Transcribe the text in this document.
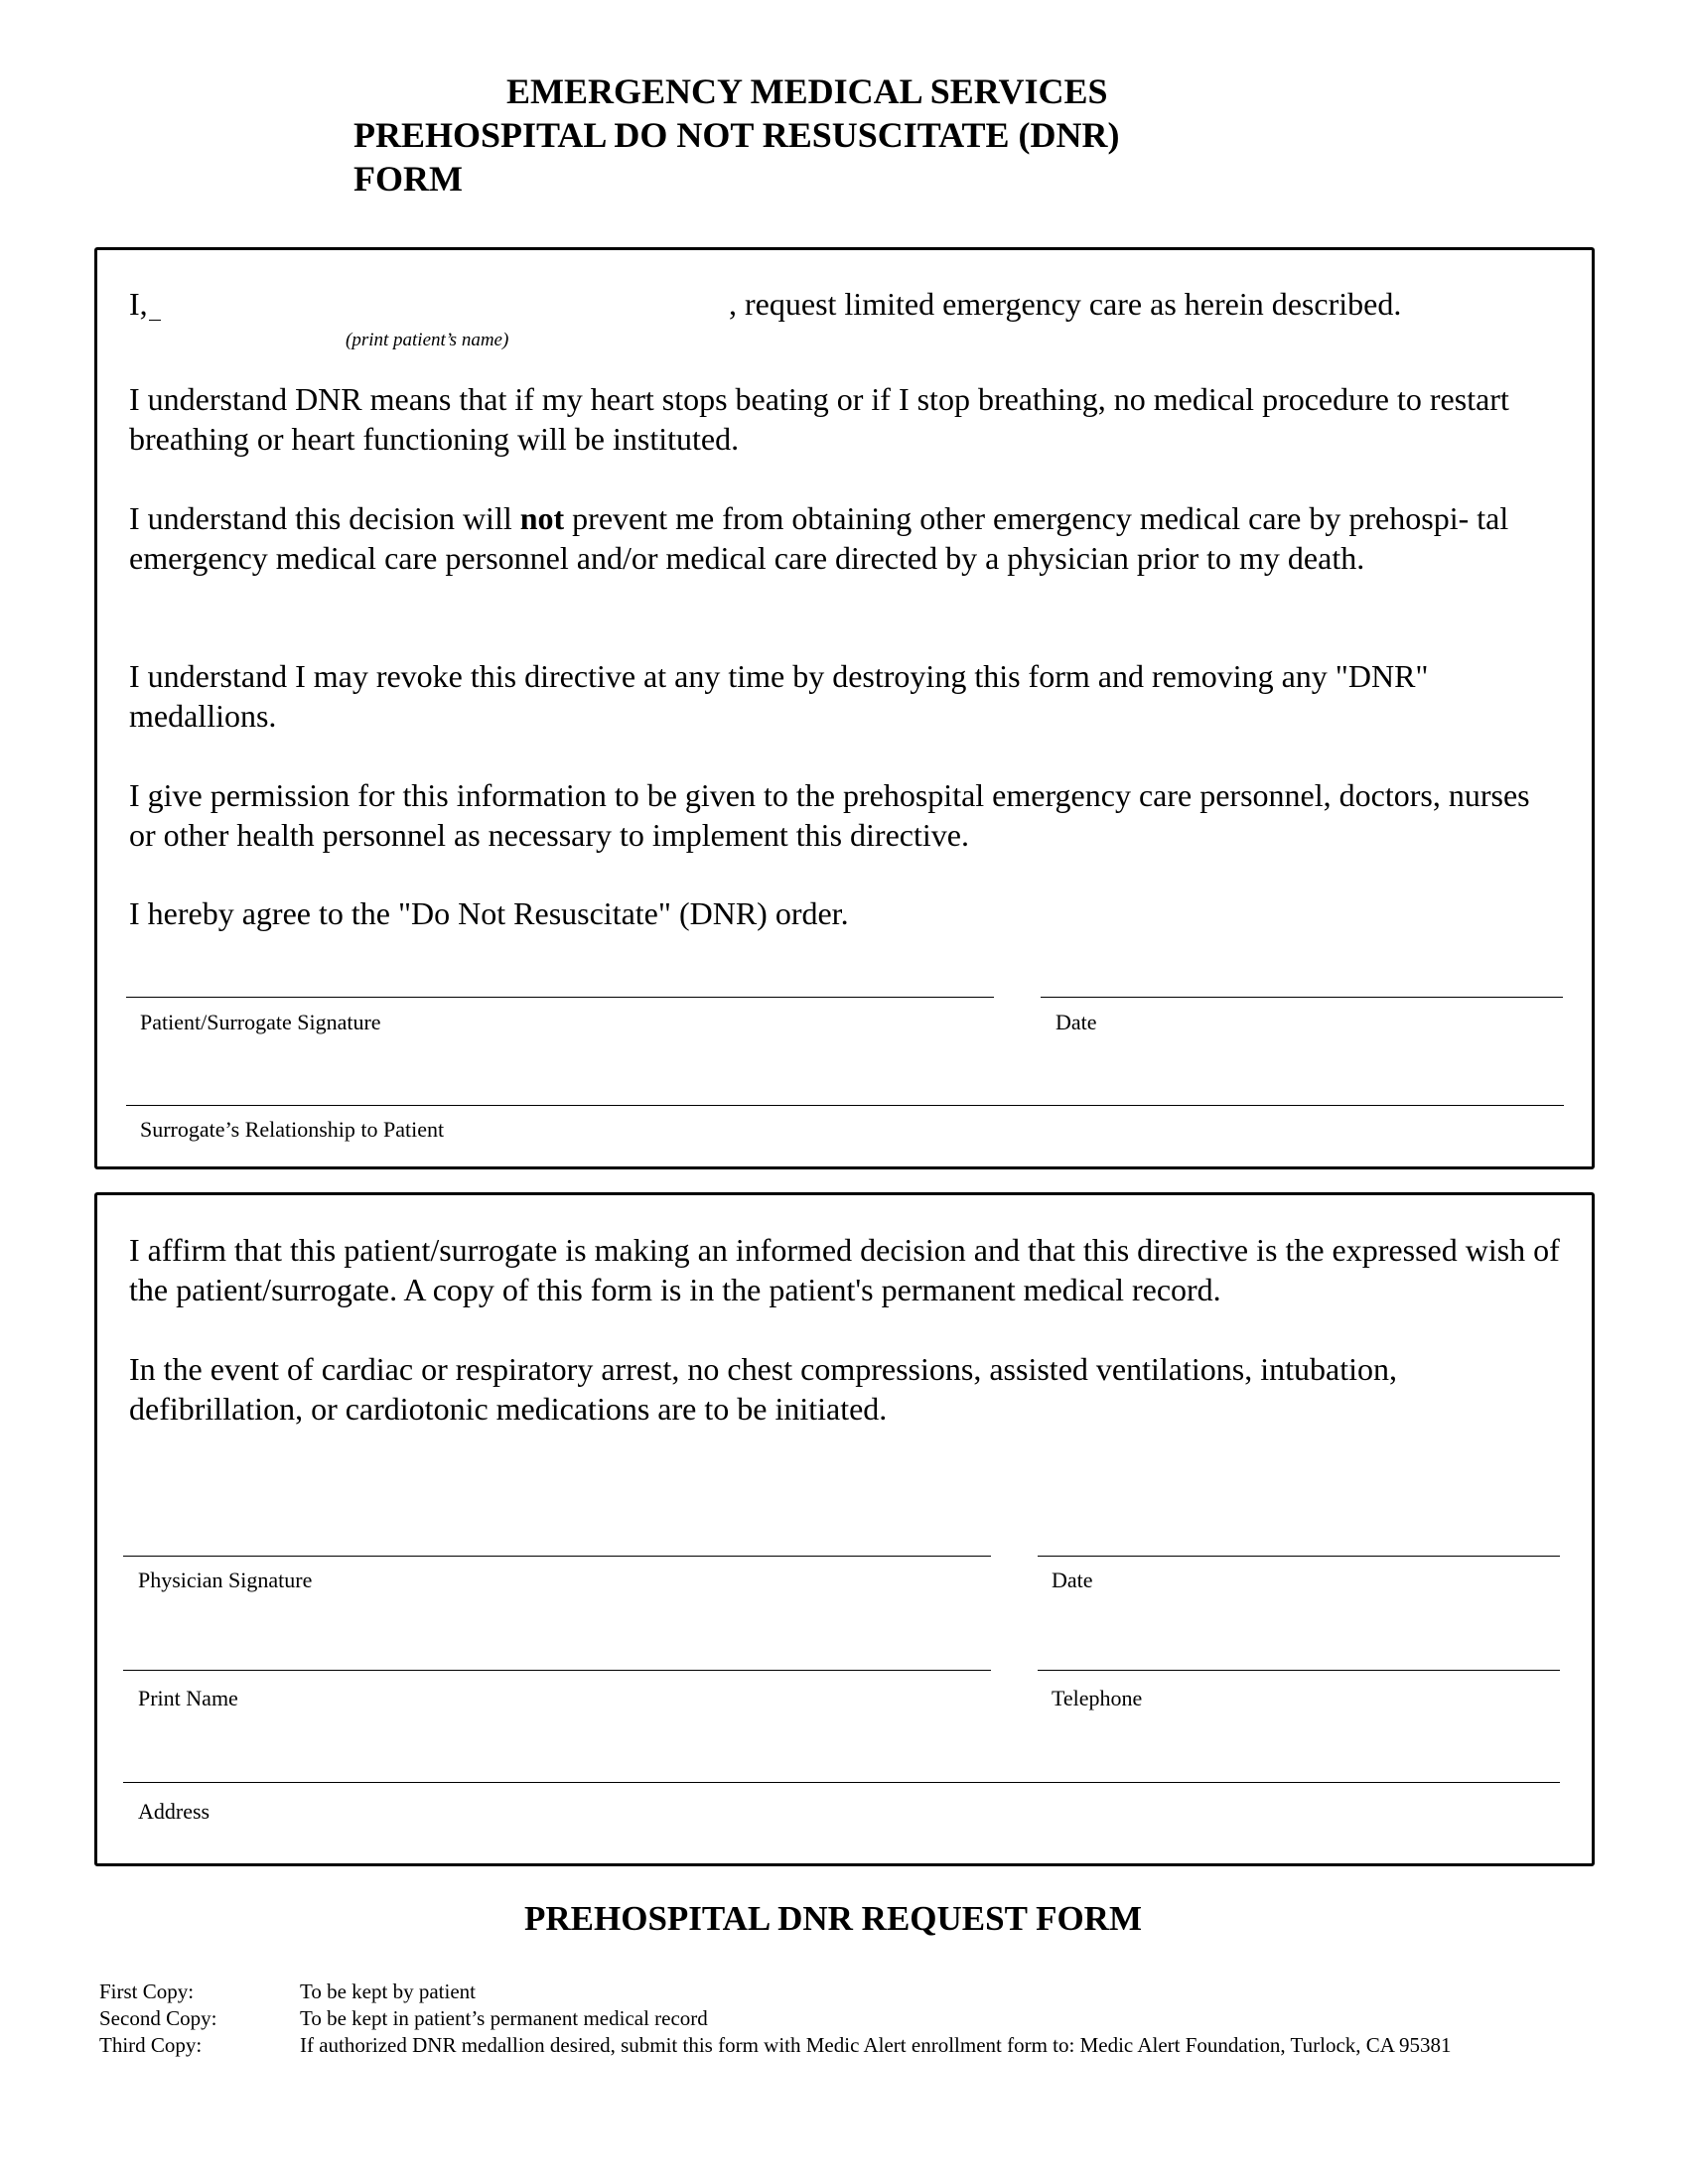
EMERGENCY MEDICAL SERVICES
PREHOSPITAL DO NOT RESUSCITATE (DNR)
FORM
I,	, request limited emergency care as herein described.
(print patient’s name)

I understand DNR means that if my heart stops beating or if I stop breathing, no medical procedure to restart breathing or heart functioning will be instituted.

I understand this decision will not prevent me from obtaining other emergency medical care by prehospi- tal emergency medical care personnel and/or medical care directed by a physician prior to my death.

I understand I may revoke this directive at any time by destroying this form and removing any "DNR" medallions.

I give permission for this information to be given to the prehospital emergency care personnel, doctors, nurses or other health personnel as necessary to implement this directive.

I hereby agree to the "Do Not Resuscitate" (DNR) order.

Patient/Surrogate Signature	Date
Surrogate’s Relationship to Patient

I affirm that this patient/surrogate is making an informed decision and that this directive is the expressed wish of the patient/surrogate. A copy of this form is in the patient's permanent medical record.

In the event of cardiac or respiratory arrest, no chest compressions, assisted ventilations, intubation, defibrillation, or cardiotonic medications are to be initiated.

Physician Signature	Date
Print Name	Telephone
Address
PREHOSPITAL DNR REQUEST FORM
First Copy:	To be kept by patient
Second Copy:	To be kept in patient’s permanent medical record
Third Copy:	If authorized DNR medallion desired, submit this form with Medic Alert enrollment form to: Medic Alert Foundation, Turlock, CA 95381
